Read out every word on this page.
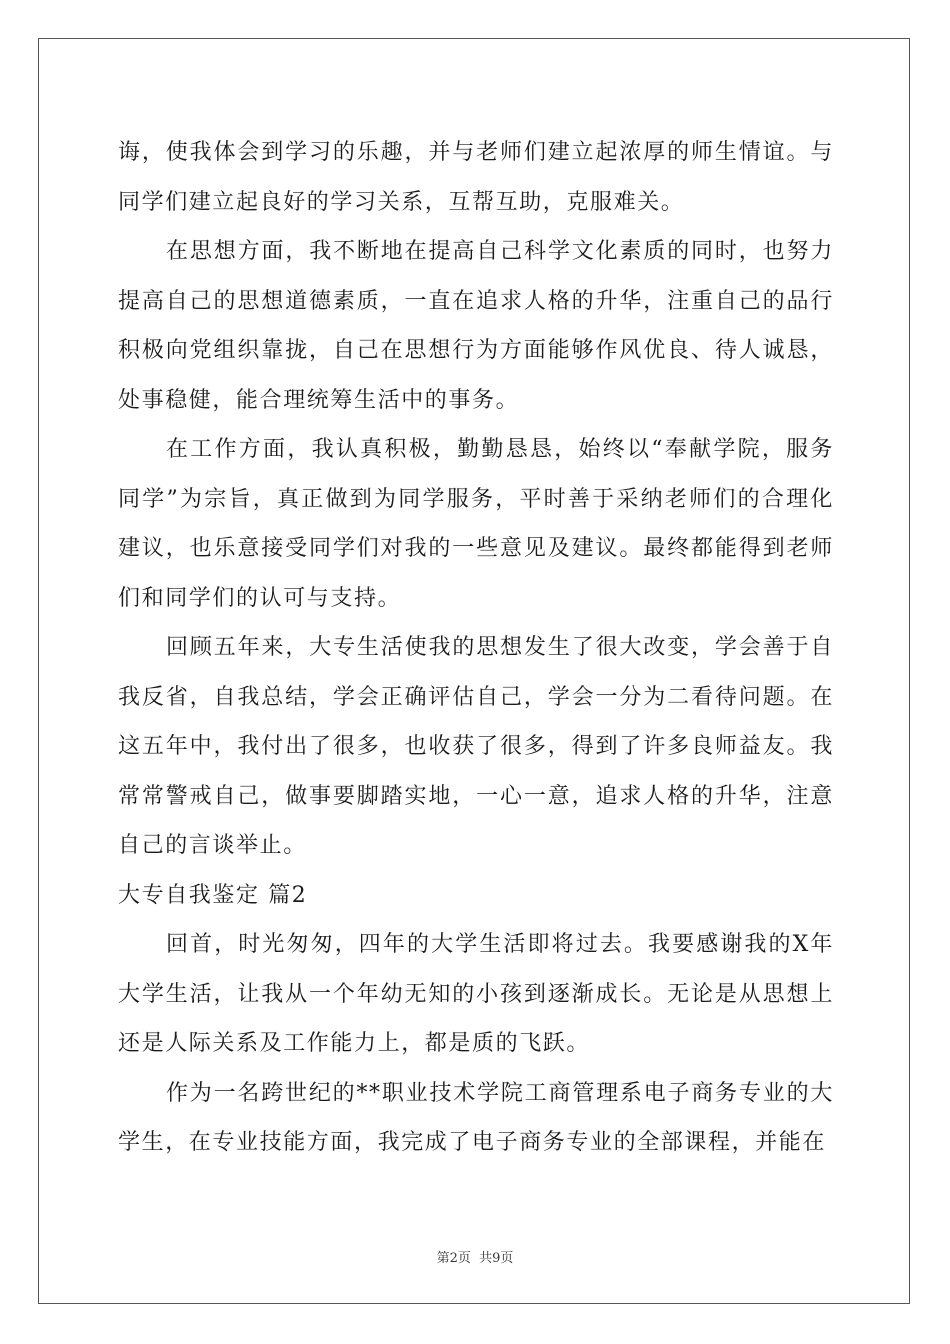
诲，使我体会到学习的乐趣，并与老师们建立起浓厚的师生情谊。与同学们建立起良好的学习关系，互帮互助，克服难关。

在思想方面，我不断地在提高自己科学文化素质的同时，也努力提高自己的思想道德素质，一直在追求人格的升华，注重自己的品行积极向党组织靠拢，自己在思想行为方面能够作风优良、待人诚恳，处事稳健，能合理统筹生活中的事务。

在工作方面，我认真积极，勤勤恳恳，始终以“奉献学院，服务同学”为宗旨，真正做到为同学服务，平时善于采纳老师们的合理化建议，也乐意接受同学们对我的一些意见及建议。最终都能得到老师们和同学们的认可与支持。

回顾五年来，大专生活使我的思想发生了很大改变，学会善于自我反省，自我总结，学会正确评估自己，学会一分为二看待问题。在这五年中，我付出了很多，也收获了很多，得到了许多良师益友。我常常警戒自己，做事要脚踏实地，一心一意，追求人格的升华，注意自己的言谈举止。

大专自我鉴定 篇2

回首，时光匆匆，四年的大学生活即将过去。我要感谢我的X年大学生活，让我从一个年幼无知的小孩到逐渐成长。无论是从思想上还是人际关系及工作能力上，都是质的飞跃。

作为一名跨世纪的**职业技术学院工商管理系电子商务专业的大学生，在专业技能方面，我完成了电子商务专业的全部课程，并能在

第2页 共9页
